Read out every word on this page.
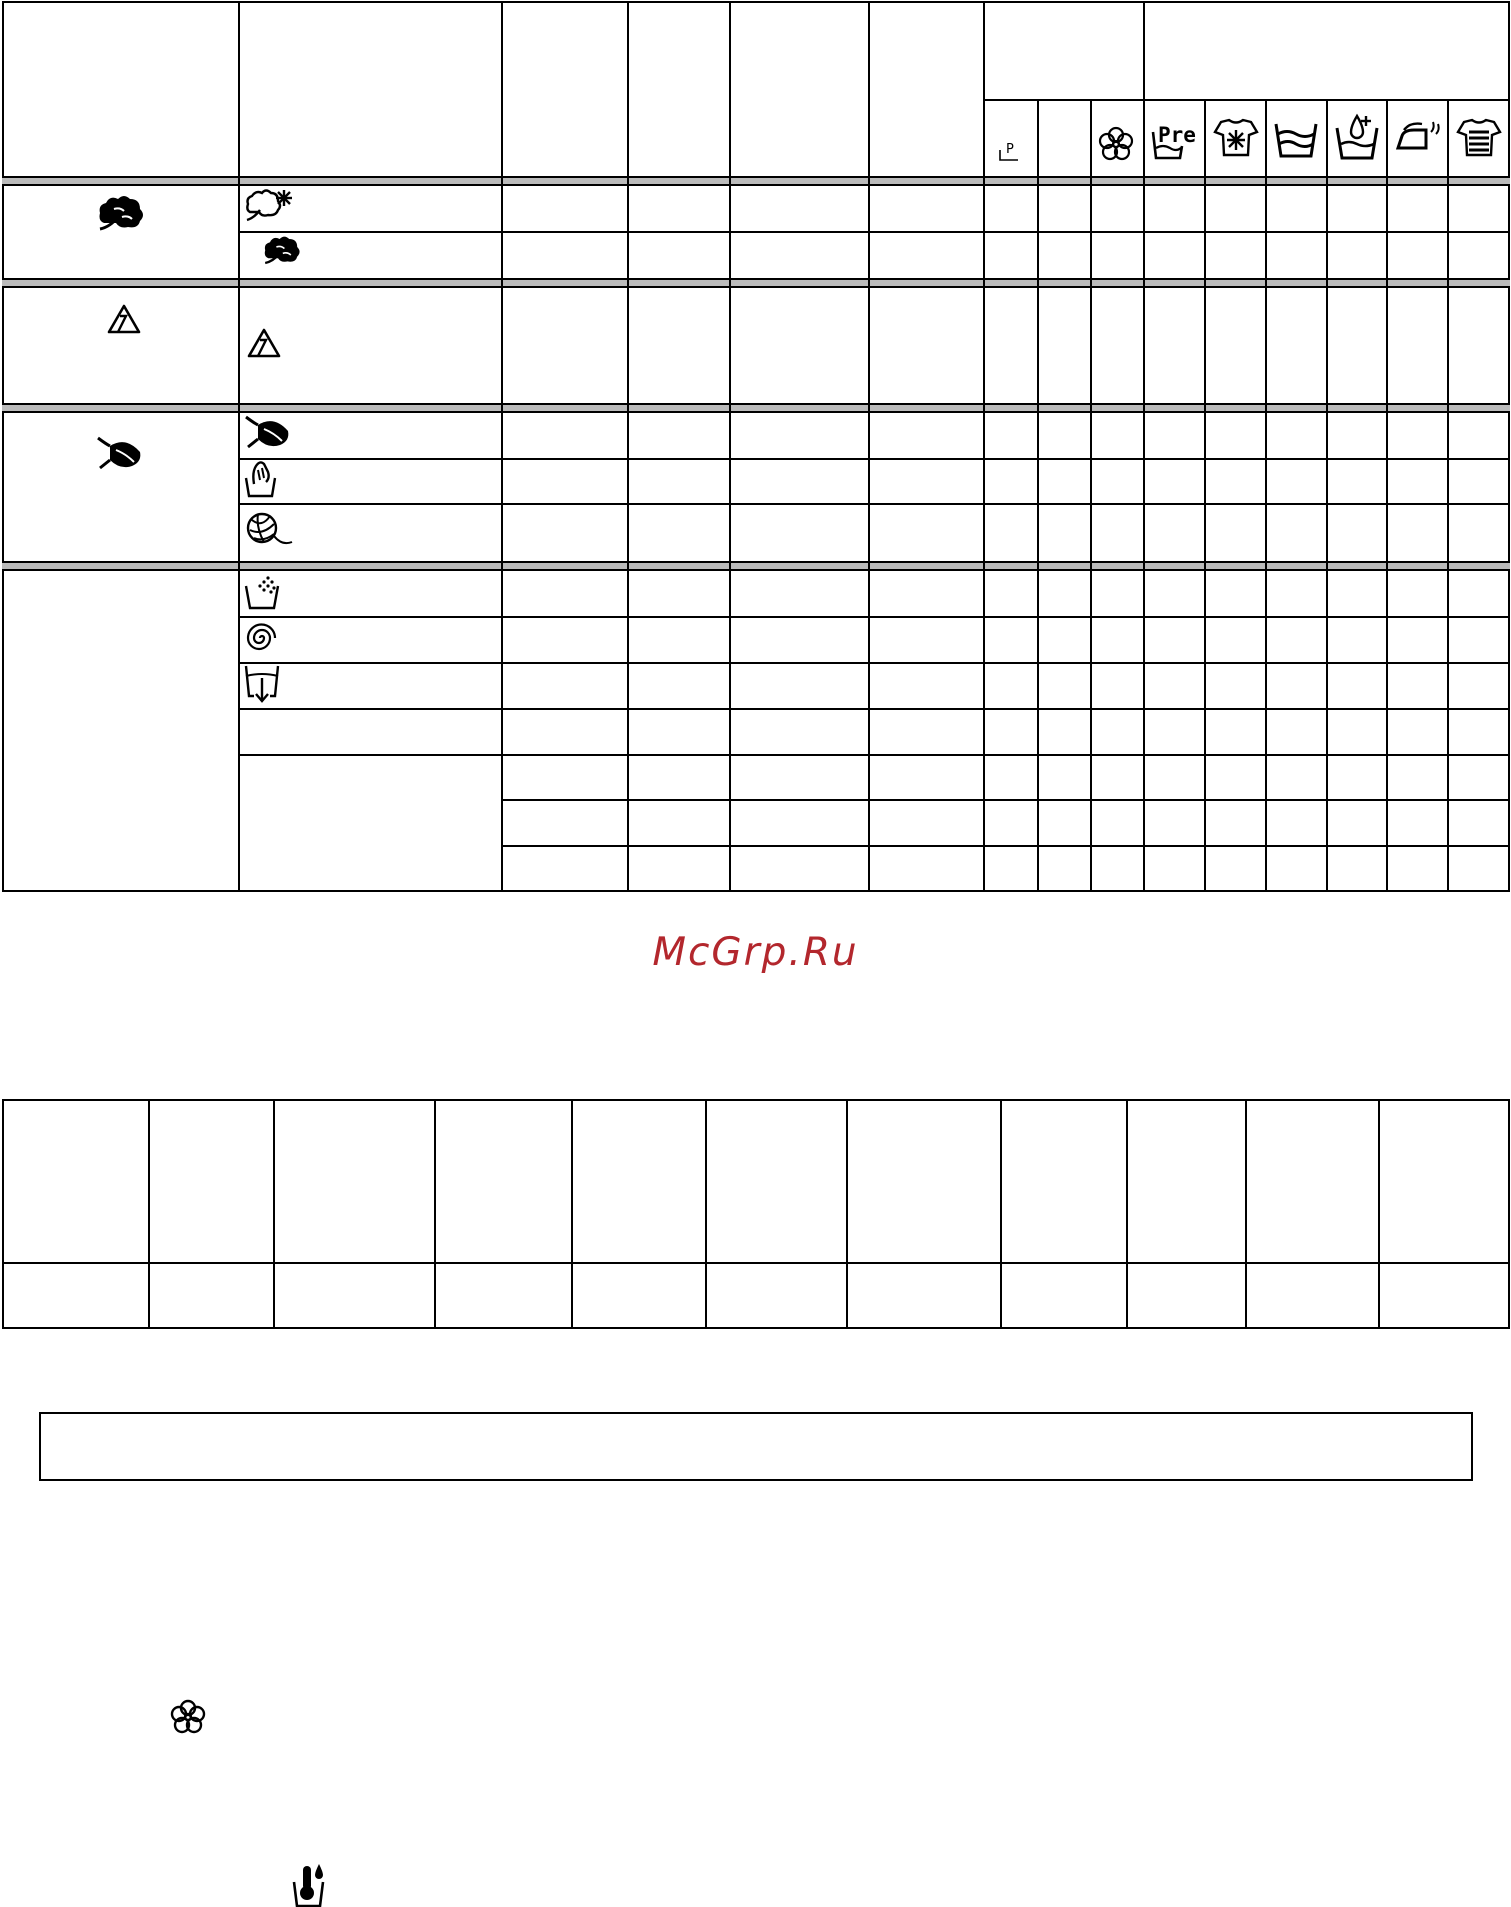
P
Pre
McGrp.Ru
